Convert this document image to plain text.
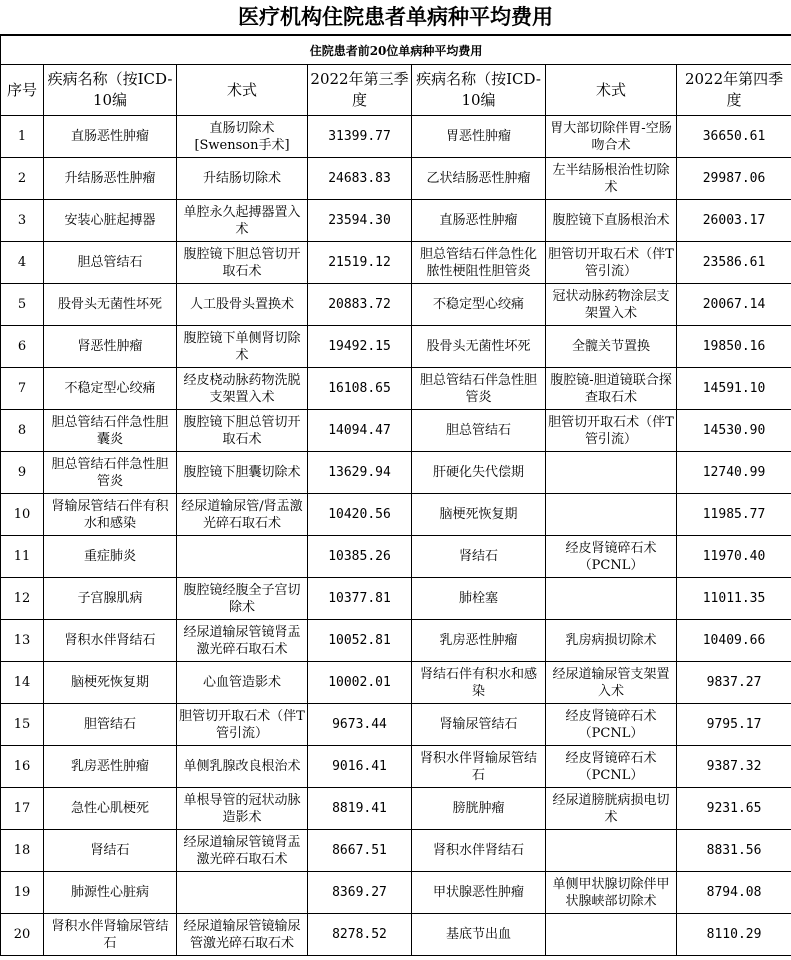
医疗机构住院患者单病种平均费用
住院患者前20位单病种平均费用						
序号	疾病名称（按ICD-10编	术式	2022年第三季度	疾病名称（按ICD-10编	术式	2022年第四季度

1	直肠恶性肿瘤	直肠切除术[Swenson手术]	31399.77	胃恶性肿瘤	胃大部切除伴胃-空肠吻合术	36650.61

2	升结肠恶性肿瘤	升结肠切除术	24683.83	乙状结肠恶性肿瘤	左半结肠根治性切除术	29987.06

3	安装心脏起搏器	单腔永久起搏器置入术	23594.30	直肠恶性肿瘤	腹腔镜下直肠根治术	26003.17

4	胆总管结石	腹腔镜下胆总管切开取石术	21519.12	胆总管结石伴急性化脓性梗阻性胆管炎	胆管切开取石术（伴T管引流）	23586.61

5	股骨头无菌性坏死	人工股骨头置换术	20883.72	不稳定型心绞痛	冠状动脉药物涂层支架置入术	20067.14

6	肾恶性肿瘤	腹腔镜下单侧肾切除术	19492.15	股骨头无菌性坏死	全髋关节置换	19850.16

7	不稳定型心绞痛	经皮桡动脉药物洗脱支架置入术	16108.65	胆总管结石伴急性胆管炎	腹腔镜-胆道镜联合探查取石术	14591.10

8	胆总管结石伴急性胆囊炎	腹腔镜下胆总管切开取石术	14094.47	胆总管结石	胆管切开取石术（伴T管引流）	14530.90

9	胆总管结石伴急性胆管炎	腹腔镜下胆囊切除术	13629.94	肝硬化失代偿期		12740.99

10	肾输尿管结石伴有积水和感染	经尿道输尿管/肾盂激光碎石取石术	10420.56	脑梗死恢复期		11985.77

11	重症肺炎		10385.26	肾结石	经皮肾镜碎石术（PCNL）	11970.40

12	子宫腺肌病	腹腔镜经腹全子宫切除术	10377.81	肺栓塞		11011.35

13	肾积水伴肾结石	经尿道输尿管镜肾盂激光碎石取石术	10052.81	乳房恶性肿瘤	乳房病损切除术	10409.66

14	脑梗死恢复期	心血管造影术	10002.01	肾结石伴有积水和感染	经尿道输尿管支架置入术	9837.27

15	胆管结石	胆管切开取石术（伴T管引流）	9673.44	肾输尿管结石	经皮肾镜碎石术（PCNL）	9795.17

16	乳房恶性肿瘤	单侧乳腺改良根治术	9016.41	肾积水伴肾输尿管结石	经皮肾镜碎石术（PCNL）	9387.32

17	急性心肌梗死	单根导管的冠状动脉造影术	8819.41	膀胱肿瘤	经尿道膀胱病损电切术	9231.65

18	肾结石	经尿道输尿管镜肾盂激光碎石取石术	8667.51	肾积水伴肾结石		8831.56

19	肺源性心脏病		8369.27	甲状腺恶性肿瘤	单侧甲状腺切除伴甲状腺峡部切除术	8794.08

20	肾积水伴肾输尿管结石	经尿道输尿管镜输尿管激光碎石取石术	8278.52	基底节出血		8110.29
